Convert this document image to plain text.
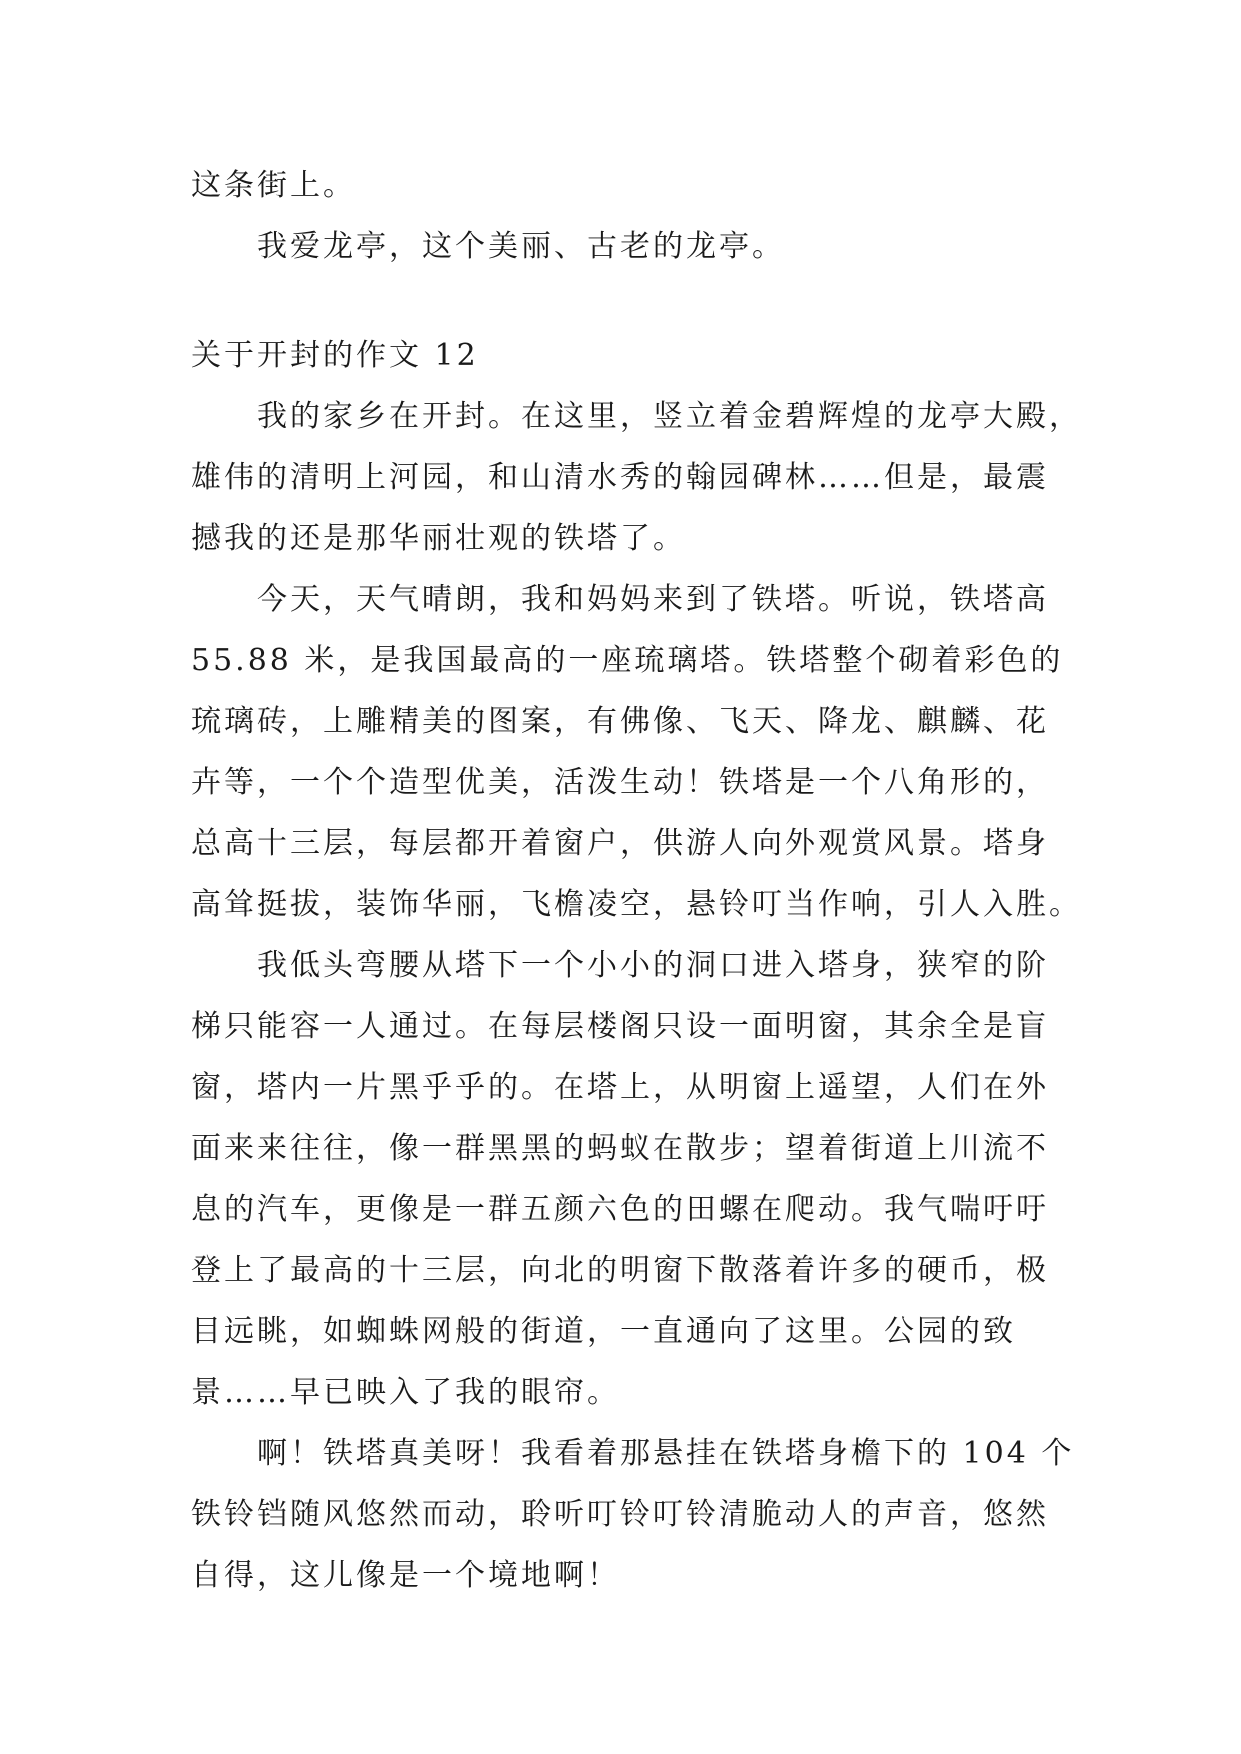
这条街上。
我爱龙亭，这个美丽、古老的龙亭。
关于开封的作文 12
我的家乡在开封。在这里，竖立着金碧辉煌的龙亭大殿，
雄伟的清明上河园，和山清水秀的翰园碑林……但是，最震
撼我的还是那华丽壮观的铁塔了。
今天，天气晴朗，我和妈妈来到了铁塔。听说，铁塔高
55.88 米，是我国最高的一座琉璃塔。铁塔整个砌着彩色的
琉璃砖，上雕精美的图案，有佛像、飞天、降龙、麒麟、花
卉等，一个个造型优美，活泼生动！铁塔是一个八角形的，
总高十三层，每层都开着窗户，供游人向外观赏风景。塔身
高耸挺拔，装饰华丽，飞檐凌空，悬铃叮当作响，引人入胜。
我低头弯腰从塔下一个小小的洞口进入塔身，狭窄的阶
梯只能容一人通过。在每层楼阁只设一面明窗，其余全是盲
窗，塔内一片黑乎乎的。在塔上，从明窗上遥望，人们在外
面来来往往，像一群黑黑的蚂蚁在散步；望着街道上川流不
息的汽车，更像是一群五颜六色的田螺在爬动。我气喘吁吁
登上了最高的十三层，向北的明窗下散落着许多的硬币，极
目远眺，如蜘蛛网般的街道，一直通向了这里。公园的致
景……早已映入了我的眼帘。
啊！铁塔真美呀！我看着那悬挂在铁塔身檐下的 104 个
铁铃铛随风悠然而动，聆听叮铃叮铃清脆动人的声音，悠然
自得，这儿像是一个境地啊！
